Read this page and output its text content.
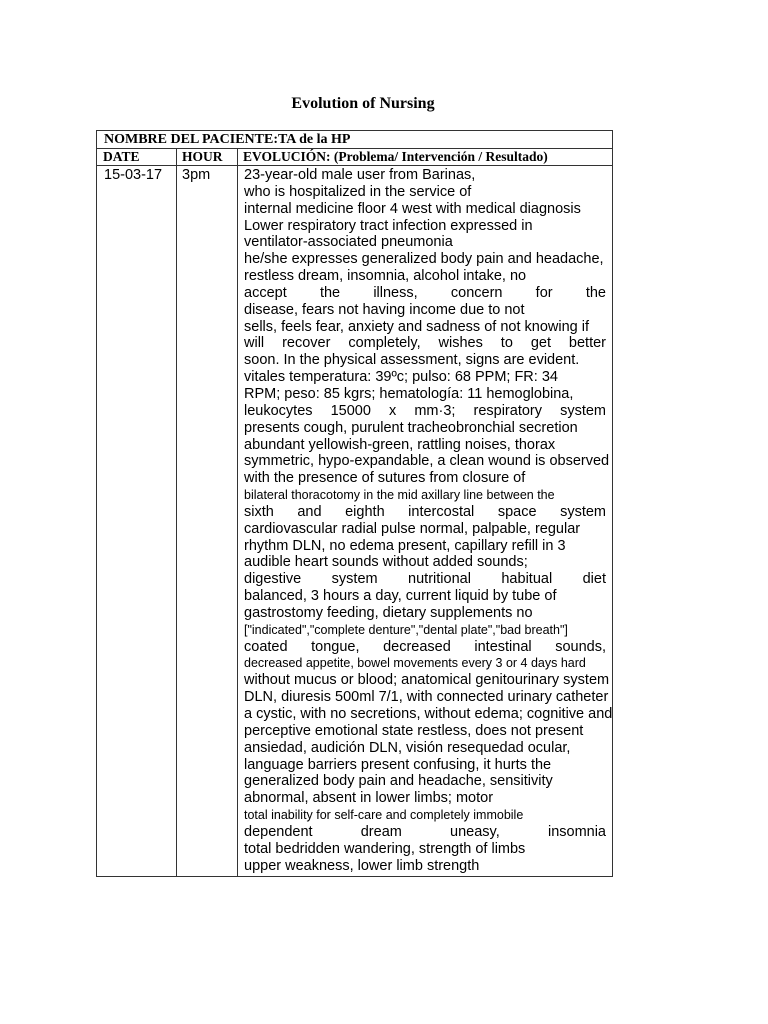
Evolution of Nursing
NOMBRE DEL PACIENTE:TA de la HP
DATE	HOUR EVOLUCIÓN: (Problema/ Intervención / Resultado)
15-03-17 3pm 23-year-old male user from Barinas,
who is hospitalized in the service of
internal medicine floor 4 west with medical diagnosis
Lower respiratory tract infection expressed in
ventilator-associated pneumonia
he/she expresses generalized body pain and headache,
restless dream, insomnia, alcohol intake, no
accept the illness, concern for the
disease, fears not having income due to not
sells, feels fear, anxiety and sadness of not knowing if
will recover completely, wishes to get better
soon. In the physical assessment, signs are evident.
vitales temperatura: 39ºc; pulso: 68 PPM; FR: 34
RPM; peso: 85 kgrs; hematología: 11 hemoglobina,
leukocytes 15000 x mm·3; respiratory system
presents cough, purulent tracheobronchial secretion
abundant yellowish-green, rattling noises, thorax
symmetric, hypo-expandable, a clean wound is observed
with the presence of sutures from closure of
bilateral thoracotomy in the mid axillary line between the
sixth and eighth intercostal space system
cardiovascular radial pulse normal, palpable, regular
rhythm DLN, no edema present, capillary refill in 3
audible heart sounds without added sounds;
digestive system nutritional habitual diet
balanced, 3 hours a day, current liquid by tube of
gastrostomy feeding, dietary supplements no
["indicated","complete denture","dental plate","bad breath"]
coated tongue, decreased intestinal sounds,
decreased appetite, bowel movements every 3 or 4 days hard
without mucus or blood; anatomical genitourinary system
DLN, diuresis 500ml 7/1, with connected urinary catheter
a cystic, with no secretions, without edema; cognitive and
perceptive emotional state restless, does not present
ansiedad, audición DLN, visión resequedad ocular,
language barriers present confusing, it hurts the
generalized body pain and headache, sensitivity
abnormal, absent in lower limbs; motor
total inability for self-care and completely immobile
dependent dream uneasy, insomnia
total bedridden wandering, strength of limbs
upper weakness, lower limb strength
